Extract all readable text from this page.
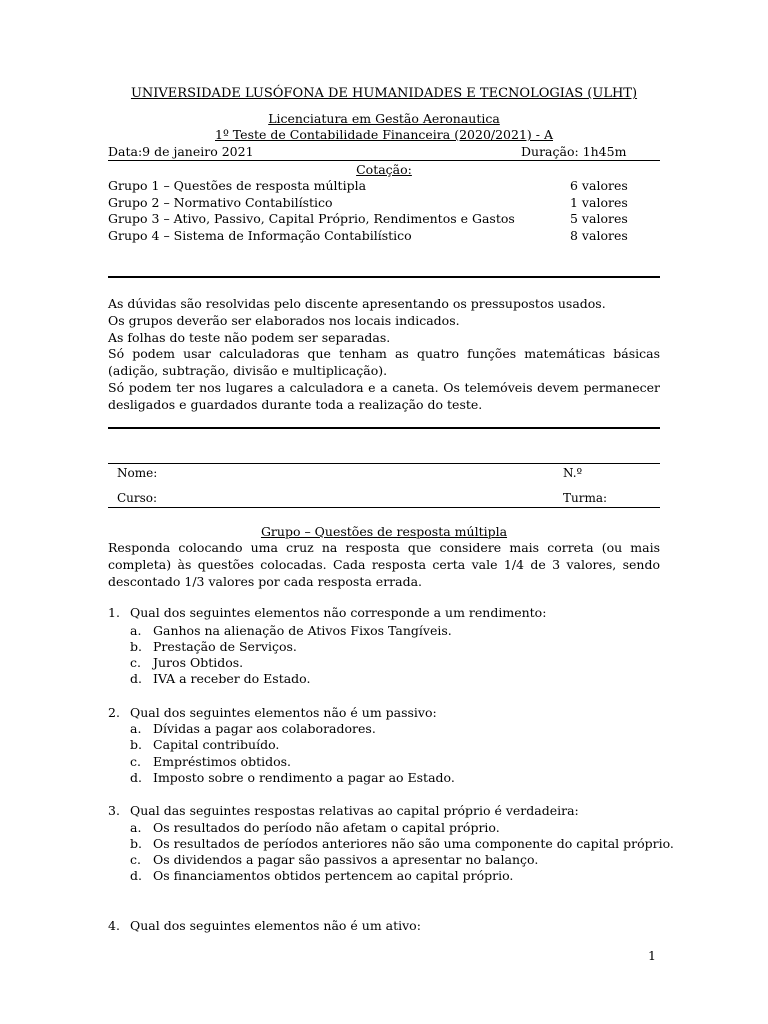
UNIVERSIDADE LUSÓFONA DE HUMANIDADES E TECNOLOGIAS (ULHT)
Licenciatura em Gestão Aeronautica
1º Teste de Contabilidade Financeira (2020/2021) - A
Data:9 de janeiro 2021	Duração: 1h45m
Cotação:
Grupo 1 – Questões de resposta múltipla	6 valores
Grupo 2 – Normativo Contabilístico	1 valores
Grupo 3 – Ativo, Passivo, Capital Próprio, Rendimentos e Gastos	5 valores
Grupo 4 – Sistema de Informação Contabilístico	8 valores
As dúvidas são resolvidas pelo discente apresentando os pressupostos usados.
Os grupos deverão ser elaborados nos locais indicados.
As folhas do teste não podem ser separadas.
Só podem usar calculadoras que tenham as quatro funções matemáticas básicas (adição, subtração, divisão e multiplicação).
Só podem ter nos lugares a calculadora e a caneta. Os telemóveis devem permanecer desligados e guardados durante toda a realização do teste.
Nome:	N.º
Curso:	Turma:
Grupo – Questões de resposta múltipla
Responda colocando uma cruz na resposta que considere mais correta (ou mais completa) às questões colocadas. Cada resposta certa vale 1/4 de 3 valores, sendo descontado 1/3 valores por cada resposta errada.
1. Qual dos seguintes elementos não corresponde a um rendimento:
a. Ganhos na alienação de Ativos Fixos Tangíveis.
b. Prestação de Serviços.
c. Juros Obtidos.
d. IVA a receber do Estado.
2. Qual dos seguintes elementos não é um passivo:
a. Dívidas a pagar aos colaboradores.
b. Capital contribuído.
c. Empréstimos obtidos.
d. Imposto sobre o rendimento a pagar ao Estado.
3. Qual das seguintes respostas relativas ao capital próprio é verdadeira:
a. Os resultados do período não afetam o capital próprio.
b. Os resultados de períodos anteriores não são uma componente do capital próprio.
c. Os dividendos a pagar são passivos a apresentar no balanço.
d. Os financiamentos obtidos pertencem ao capital próprio.
4. Qual dos seguintes elementos não é um ativo:
1
